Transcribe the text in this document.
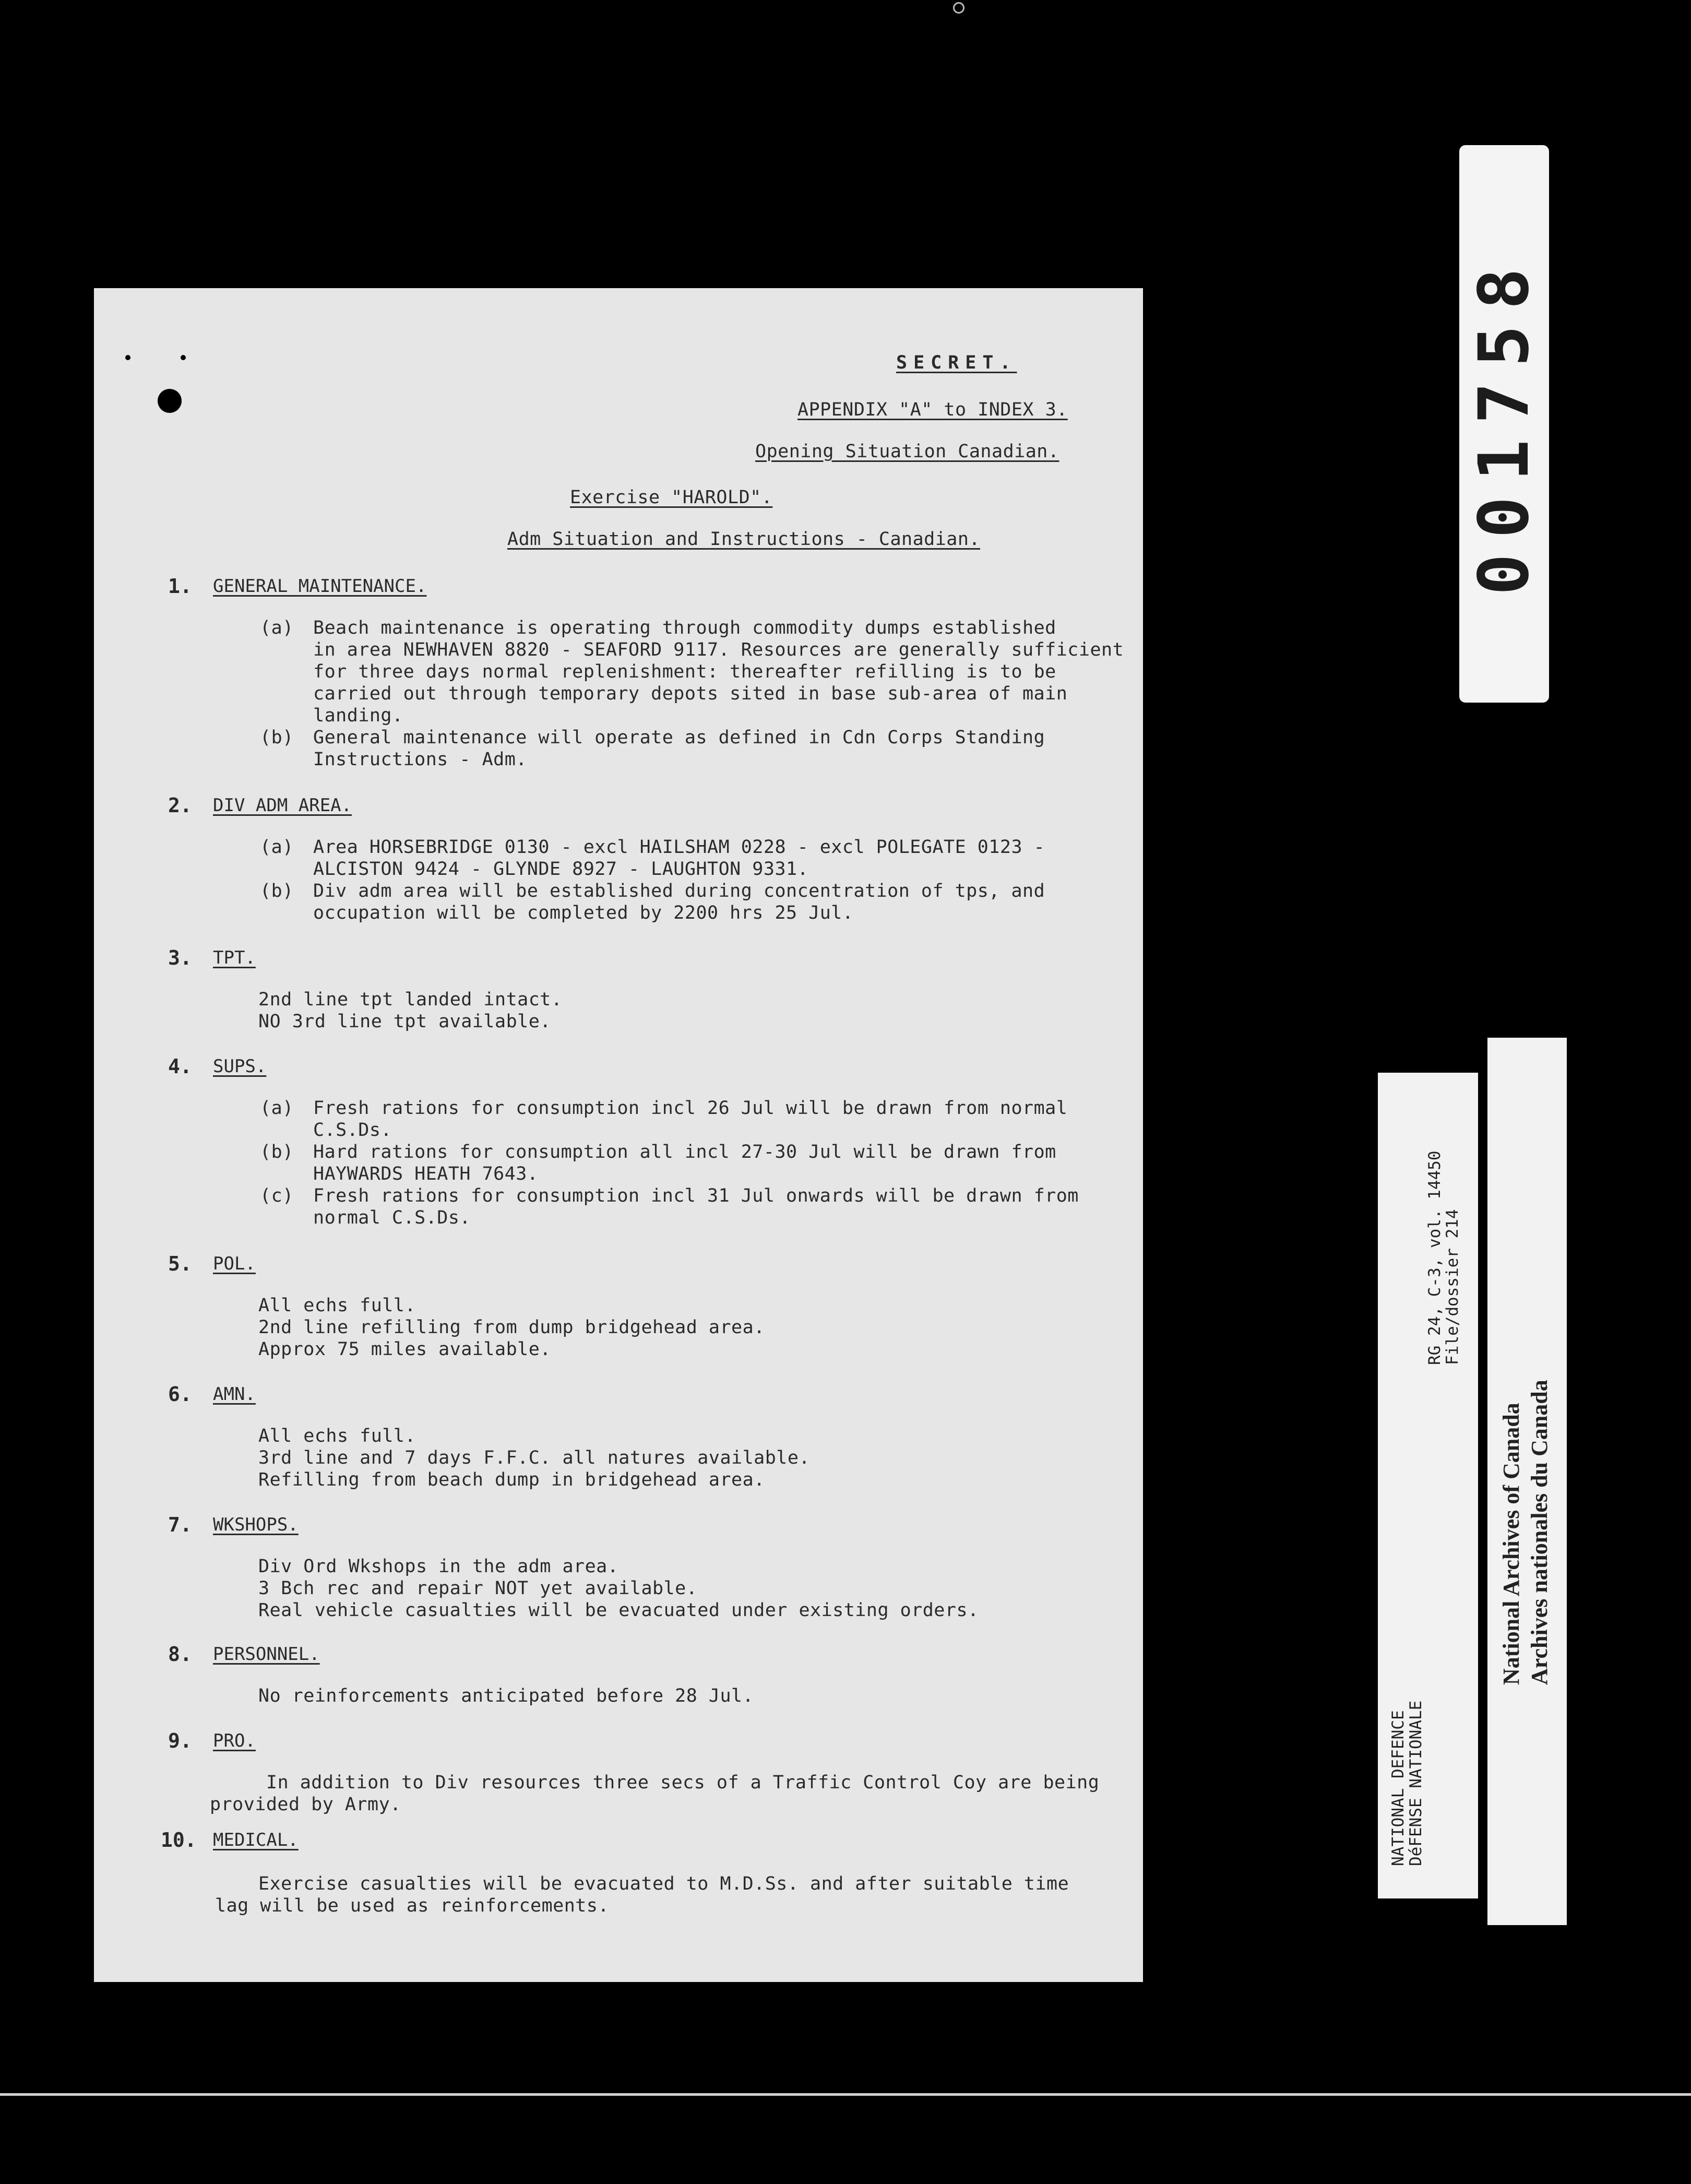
SECRET.
APPENDIX "A" to INDEX 3.
Opening Situation Canadian.
Exercise "HAROLD".
Adm Situation and Instructions - Canadian.
1. GENERAL MAINTENANCE.
(a) Beach maintenance is operating through commodity dumps established
in area NEWHAVEN 8820 - SEAFORD 9117. Resources are generally sufficient
for three days normal replenishment: thereafter refilling is to be
carried out through temporary depots sited in base sub-area of main
landing.
(b) General maintenance will operate as defined in Cdn Corps Standing
Instructions - Adm.
2. DIV ADM AREA.
(a) Area HORSEBRIDGE 0130 - excl HAILSHAM 0228 - excl POLEGATE 0123 -
ALCISTON 9424 - GLYNDE 8927 - LAUGHTON 9331.
(b) Div adm area will be established during concentration of tps, and
occupation will be completed by 2200 hrs 25 Jul.
3. TPT.
2nd line tpt landed intact.
NO 3rd line tpt available.
4. SUPS.
(a) Fresh rations for consumption incl 26 Jul will be drawn from normal
C.S.Ds.
(b) Hard rations for consumption all incl 27-30 Jul will be drawn from
HAYWARDS HEATH 7643.
(c) Fresh rations for consumption incl 31 Jul onwards will be drawn from
normal C.S.Ds.
5. POL.
All echs full.
2nd line refilling from dump bridgehead area.
Approx 75 miles available.
6. AMN.
All echs full.
3rd line and 7 days F.F.C. all natures available.
Refilling from beach dump in bridgehead area.
7. WKSHOPS.
Div Ord Wkshops in the adm area.
3 Bch rec and repair NOT yet available.
Real vehicle casualties will be evacuated under existing orders.
8. PERSONNEL.
No reinforcements anticipated before 28 Jul.
9. PRO.
In addition to Div resources three secs of a Traffic Control Coy are being
provided by Army.
10. MEDICAL.
Exercise casualties will be evacuated to M.D.Ss. and after suitable time
lag will be used as reinforcements.
001758
NATIONAL DEFENCE
DéFENSE NATIONALE
RG 24, C-3, vol. 14450
File/dossier 214
National Archives of Canada Archives nationales du Canada
